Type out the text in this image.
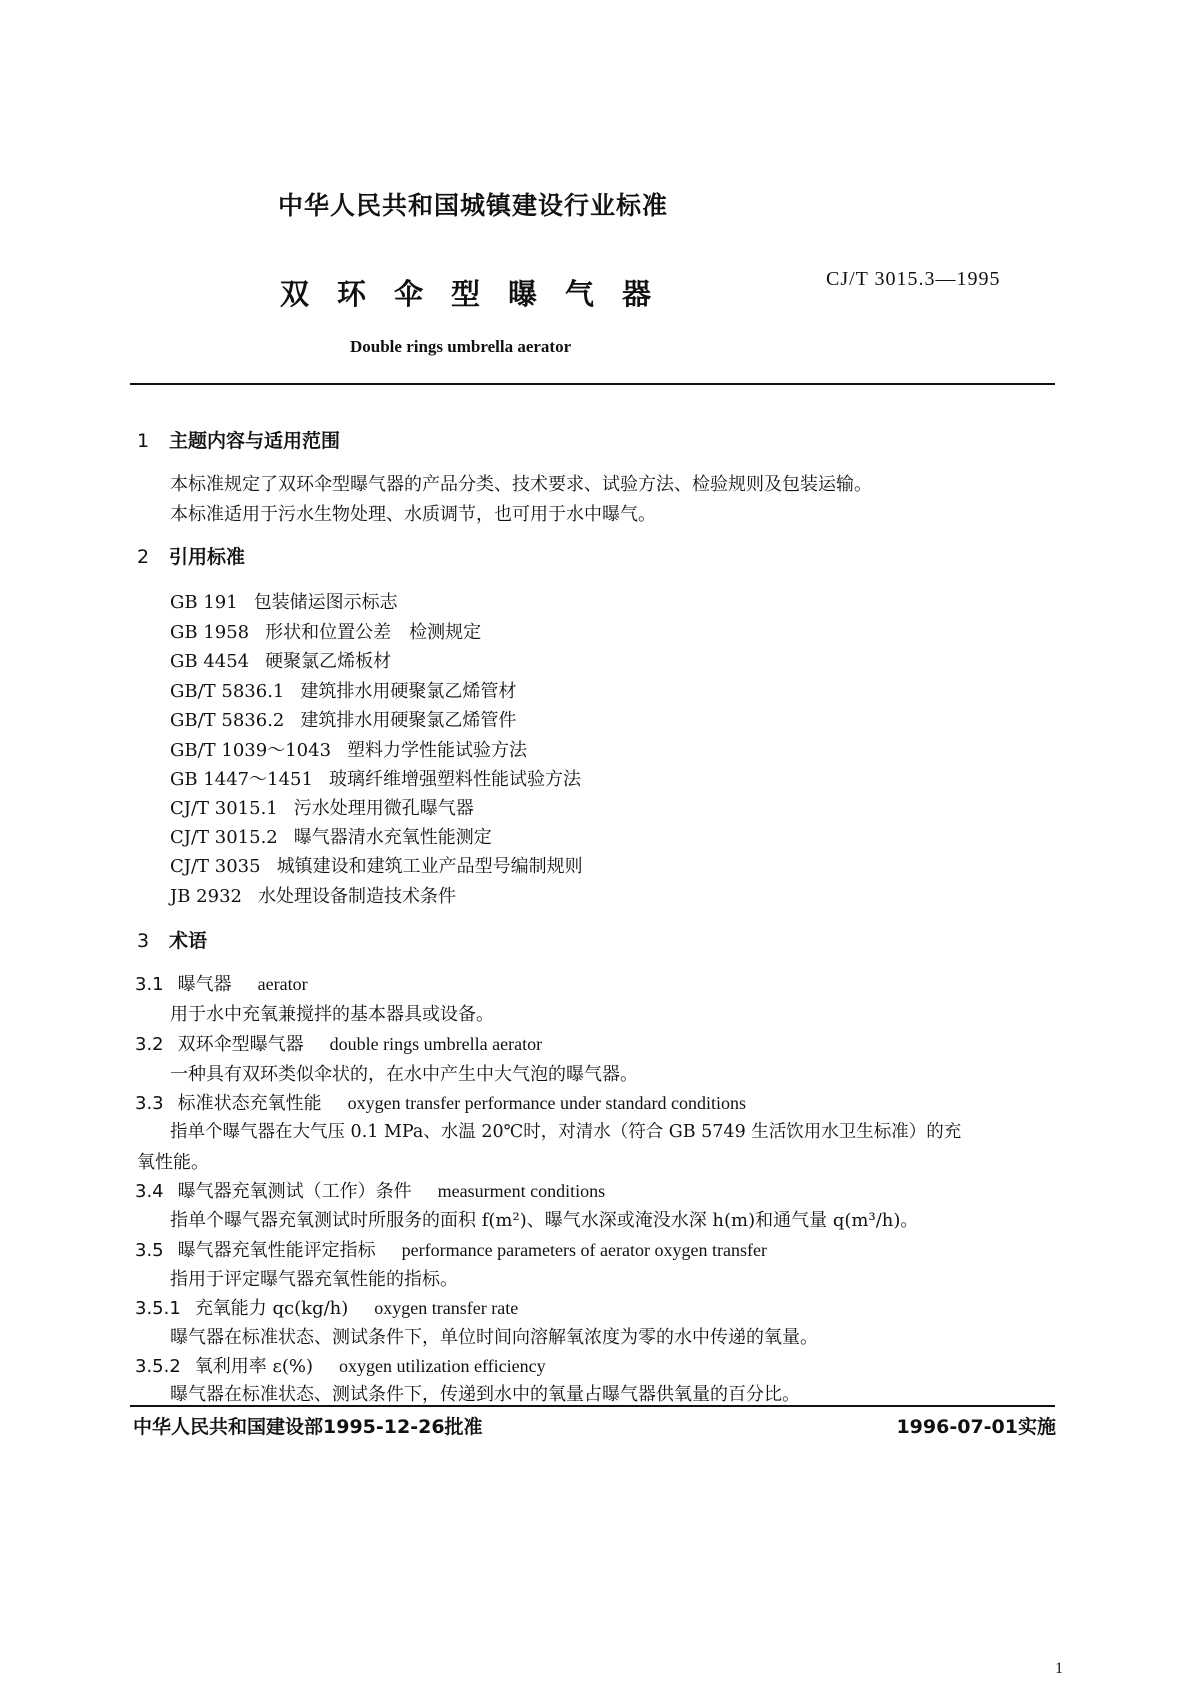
中华人民共和国城镇建设行业标准
双环伞型曝气器	CJ/T 3015.3—1995
Double rings umbrella aerator
1 主题内容与适用范围
本标准规定了双环伞型曝气器的产品分类、技术要求、试验方法、检验规则及包装运输。
本标准适用于污水生物处理、水质调节，也可用于水中曝气。
2 引用标准
GB 191 包装储运图示标志
GB 1958 形状和位置公差　检测规定
GB 4454 硬聚氯乙烯板材
GB/T 5836.1 建筑排水用硬聚氯乙烯管材
GB/T 5836.2 建筑排水用硬聚氯乙烯管件
GB/T 1039～1043 塑料力学性能试验方法
GB 1447～1451 玻璃纤维增强塑料性能试验方法
CJ/T 3015.1 污水处理用微孔曝气器
CJ/T 3015.2 曝气器清水充氧性能测定
CJ/T 3035 城镇建设和建筑工业产品型号编制规则
JB 2932 水处理设备制造技术条件
3 术语
3.1 曝气器 aerator
用于水中充氧兼搅拌的基本器具或设备。
3.2 双环伞型曝气器 double rings umbrella aerator
一种具有双环类似伞状的，在水中产生中大气泡的曝气器。
3.3 标准状态充氧性能 oxygen transfer performance under standard conditions
指单个曝气器在大气压 0.1 MPa、水温 20℃时，对清水（符合 GB 5749 生活饮用水卫生标准）的充
氧性能。
3.4 曝气器充氧测试（工作）条件 measurment conditions
指单个曝气器充氧测试时所服务的面积 f(m²)、曝气水深或淹没水深 h(m)和通气量 q(m³/h)。
3.5 曝气器充氧性能评定指标 performance parameters of aerator oxygen transfer
指用于评定曝气器充氧性能的指标。
3.5.1 充氧能力 qc(kg/h) oxygen transfer rate
曝气器在标准状态、测试条件下，单位时间向溶解氧浓度为零的水中传递的氧量。
3.5.2 氧利用率 ε(%) oxygen utilization efficiency
曝气器在标准状态、测试条件下，传递到水中的氧量占曝气器供氧量的百分比。
中华人民共和国建设部1995-12-26批准	1996-07-01实施
1
